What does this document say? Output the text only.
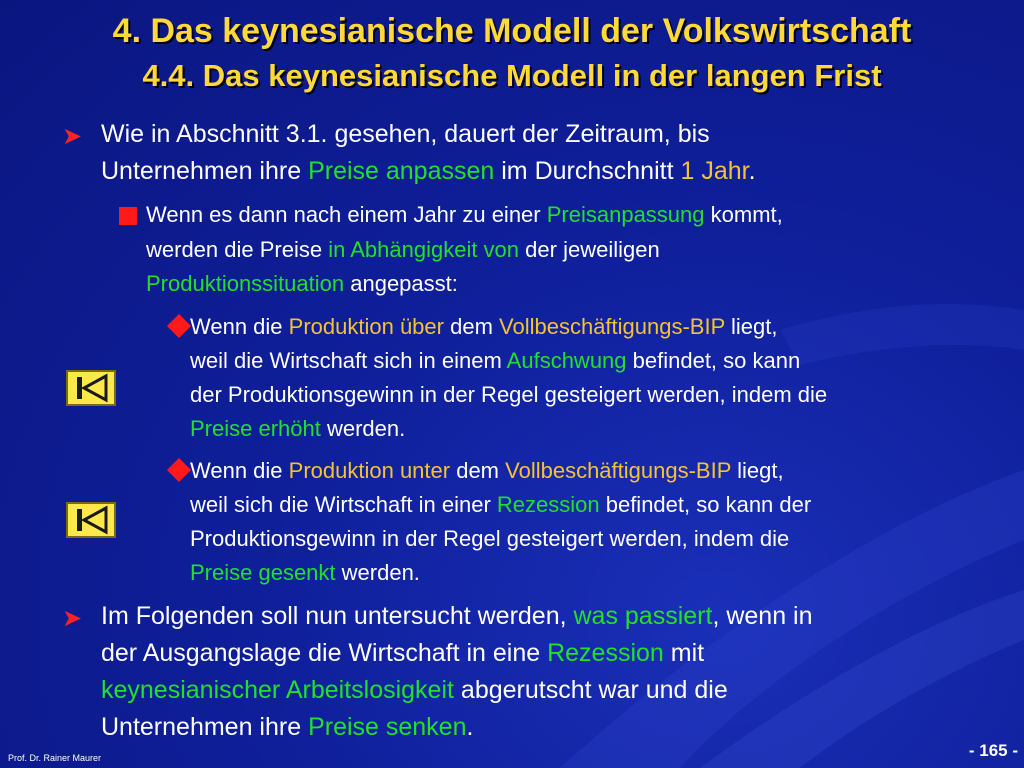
4. Das keynesianische Modell der Volkswirtschaft
4.4. Das keynesianische Modell in der langen Frist
➤ Wie in Abschnitt 3.1. gesehen, dauert der Zeitraum, bis
Unternehmen ihre Preise anpassen im Durchschnitt 1 Jahr.
Wenn es dann nach einem Jahr zu einer Preisanpassung kommt,
werden die Preise in Abhängigkeit von der jeweiligen
Produktionssituation angepasst:
Wenn die Produktion über dem Vollbeschäftigungs-BIP liegt,
weil die Wirtschaft sich in einem Aufschwung befindet, so kann
der Produktionsgewinn in der Regel gesteigert werden, indem die
Preise erhöht werden.
Wenn die Produktion unter dem Vollbeschäftigungs-BIP liegt,
weil sich die Wirtschaft in einer Rezession befindet, so kann der
Produktionsgewinn in der Regel gesteigert werden, indem die
Preise gesenkt werden.
➤ Im Folgenden soll nun untersucht werden, was passiert, wenn in
der Ausgangslage die Wirtschaft in eine Rezession mit
keynesianischer Arbeitslosigkeit abgerutscht war und die
Unternehmen ihre Preise senken.
Prof. Dr. Rainer Maurer	- 165 -
